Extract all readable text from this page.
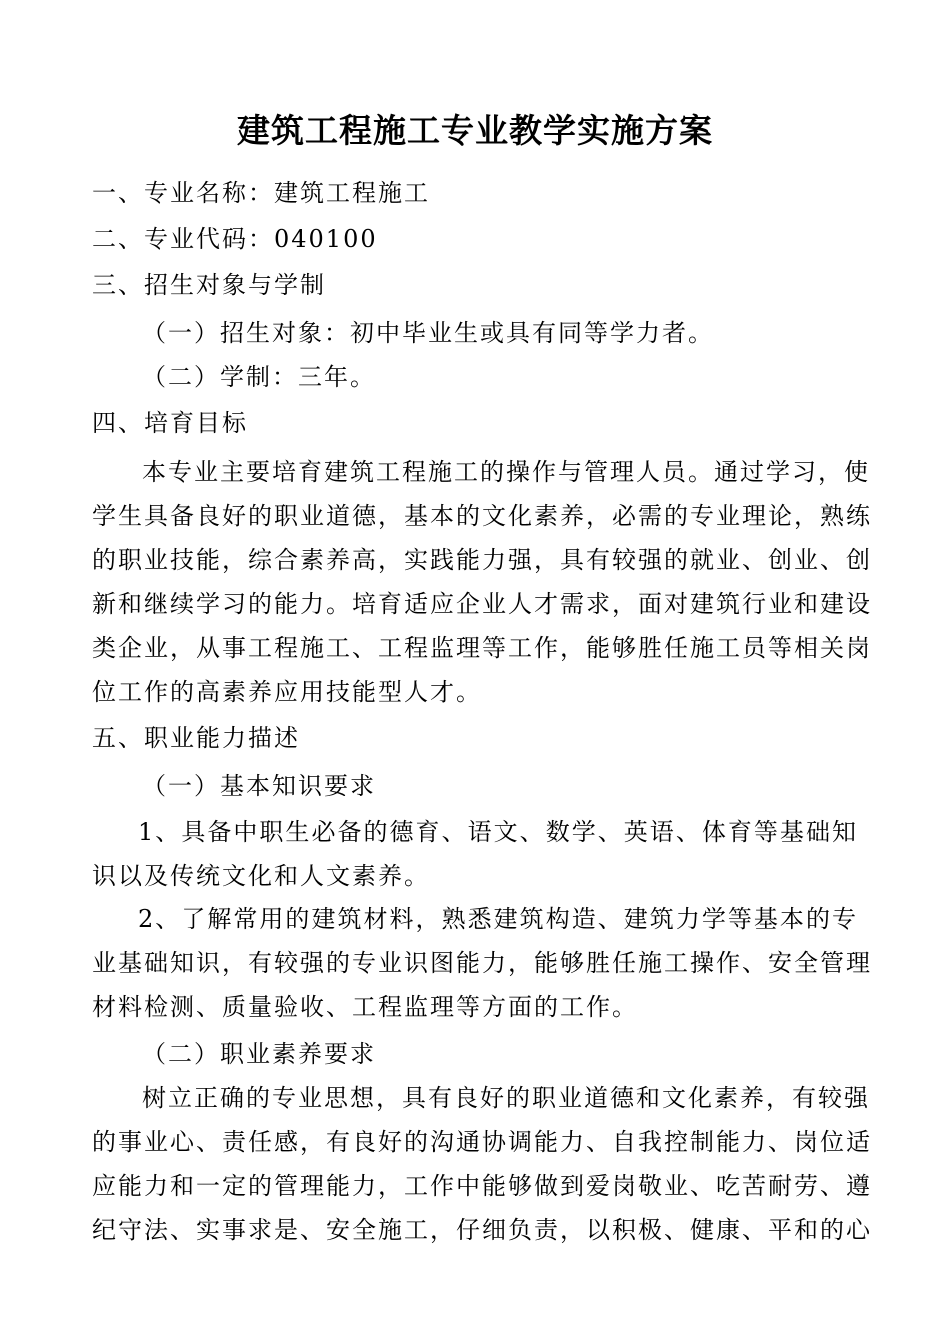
建筑工程施工专业教学实施方案
一、专业名称：建筑工程施工
二、专业代码：040100
三、招生对象与学制
（一）招生对象：初中毕业生或具有同等学力者。
（二）学制：三年。
四、培育目标
本专业主要培育建筑工程施工的操作与管理人员。通过学习，使
学生具备良好的职业道德，基本的文化素养，必需的专业理论，熟练
的职业技能，综合素养高，实践能力强，具有较强的就业、创业、创
新和继续学习的能力。培育适应企业人才需求，面对建筑行业和建设
类企业，从事工程施工、工程监理等工作，能够胜任施工员等相关岗
位工作的高素养应用技能型人才。
五、职业能力描述
（一）基本知识要求
1、具备中职生必备的德育、语文、数学、英语、体育等基础知
识以及传统文化和人文素养。
2、了解常用的建筑材料，熟悉建筑构造、建筑力学等基本的专
业基础知识，有较强的专业识图能力，能够胜任施工操作、安全管理
材料检测、质量验收、工程监理等方面的工作。
（二）职业素养要求
树立正确的专业思想，具有良好的职业道德和文化素养，有较强
的事业心、责任感，有良好的沟通协调能力、自我控制能力、岗位适
应能力和一定的管理能力，工作中能够做到爱岗敬业、吃苦耐劳、遵
纪守法、实事求是、安全施工，仔细负责，以积极、健康、平和的心
